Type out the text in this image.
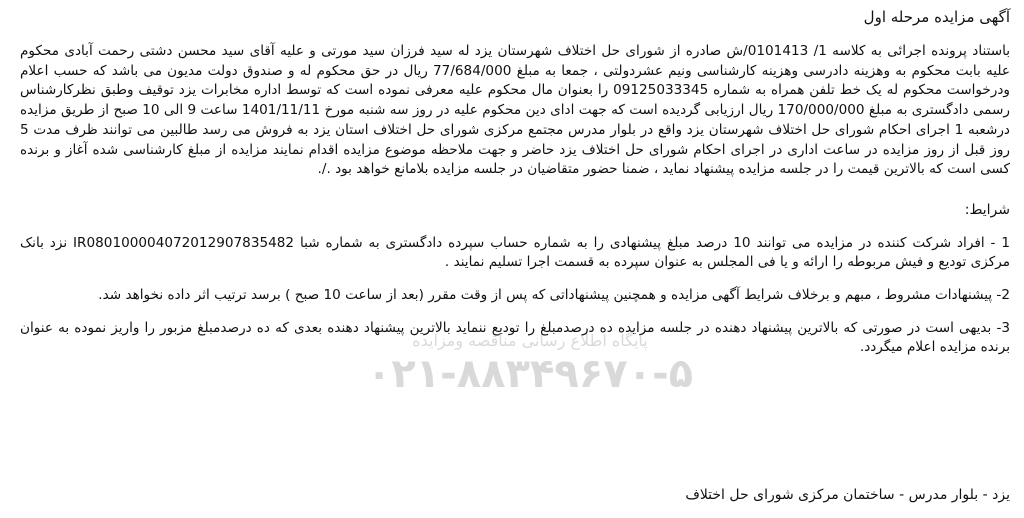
آگهی مزایده مرحله اول

باستناد پرونده اجرائی به کلاسه 1/ 0101413/ش صادره از شورای حل اختلاف شهرستان یزد له سید فرزان سید مورتی و علیه آقای سید محسن دشتی رحمت آبادی محکوم علیه بابت محکوم به وهزینه دادرسی وهزینه کارشناسی ونیم عشردولتی ، جمعا به مبلغ 77/684/000 ریال در حق محکوم له و صندوق دولت مدیون می باشد که حسب اعلام ودرخواست محکوم له یک خط تلفن همراه به شماره 09125033345 را بعنوان مال محکوم علیه معرفی نموده است که توسط اداره مخابرات یزد توقیف وطبق نظرکارشناس رسمی دادگستری به مبلغ 170/000/000 ریال ارزیابی گردیده است که جهت ادای دین محکوم علیه در روز سه شنبه مورخ 1401/11/11 ساعت 9 الی 10 صبح از طریق مزایده درشعبه 1 اجرای احکام شورای حل اختلاف شهرستان یزد واقع در بلوار مدرس مجتمع مرکزی شورای حل اختلاف استان یزد به فروش می رسد طالبین می توانند ظرف مدت 5 روز قبل از روز مزایده در ساعت اداری در اجرای احکام شورای حل اختلاف یزد حاضر و جهت ملاحظه موضوع مزایده اقدام نمایند مزایده از مبلغ کارشناسی شده آغاز و برنده کسی است که بالاترین قیمت را در جلسه مزایده پیشنهاد نماید ، ضمنا حضور متقاضیان در جلسه مزایده بلامانع خواهد بود ./.

شرایط:

1 - افراد شرکت کننده در مزایده می توانند 10 درصد مبلغ پیشنهادی را به شماره حساب سپرده دادگستری به شماره شبا IR080100004072012907835482 نزد بانک مرکزی تودیع و فیش مربوطه را ارائه و یا فی المجلس به عنوان سپرده به قسمت اجرا تسلیم نمایند .

2- پیشنهادات مشروط ، مبهم و برخلاف شرایط آگهی مزایده و همچنین پیشنهاداتی که پس از وقت مقرر (بعد از ساعت 10 صبح ) برسد ترتیب اثر داده نخواهد شد.

3- بدیهی است در صورتی که بالاترین پیشنهاد دهنده در جلسه مزایده ده درصدمبلغ را تودیع ننماید بالاترین پیشنهاد دهنده بعدی که ده درصدمبلغ مزبور را واریز نموده به عنوان برنده مزایده اعلام میگردد.

پایگاه اطلاع رسانی مناقصه ومزایده
۰۲۱-۸۸۳۴۹۶۷۰-۵
یزد - بلوار مدرس - ساختمان مرکزی شورای حل اختلاف
